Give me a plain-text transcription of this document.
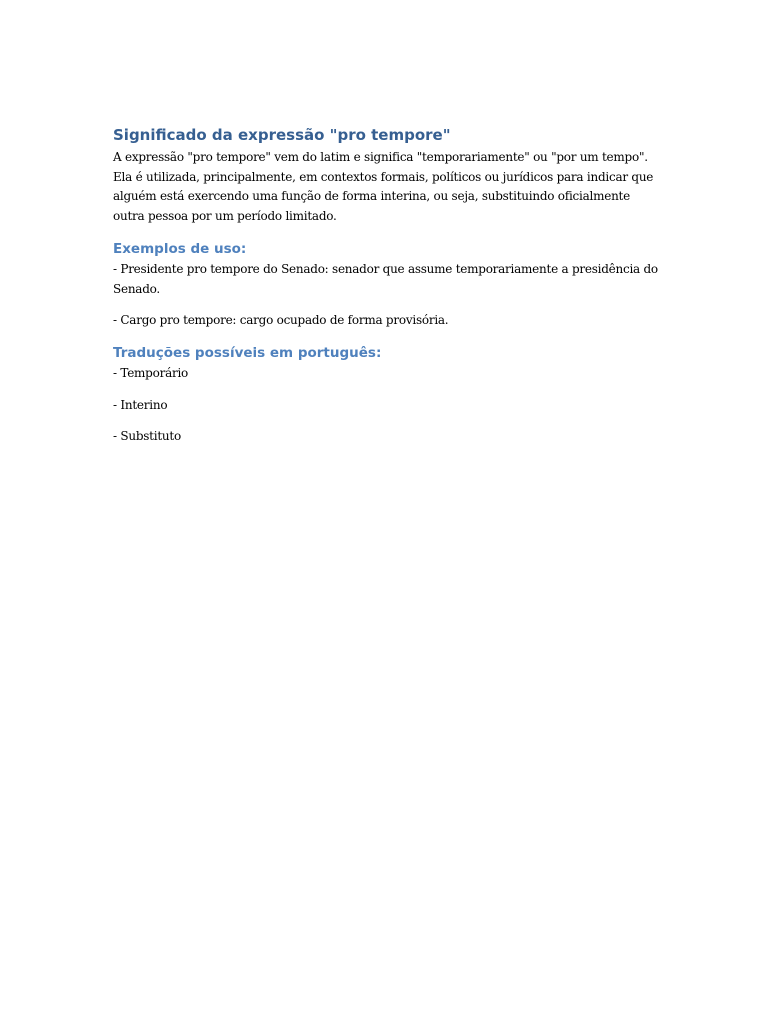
Significado da expressão "pro tempore"

A expressão "pro tempore" vem do latim e significa "temporariamente" ou "por um tempo". Ela é utilizada, principalmente, em contextos formais, políticos ou jurídicos para indicar que alguém está exercendo uma função de forma interina, ou seja, substituindo oficialmente outra pessoa por um período limitado.

Exemplos de uso:

- Presidente pro tempore do Senado: senador que assume temporariamente a presidência do Senado.

- Cargo pro tempore: cargo ocupado de forma provisória.

Traduções possíveis em português:

- Temporário

- Interino

- Substituto
